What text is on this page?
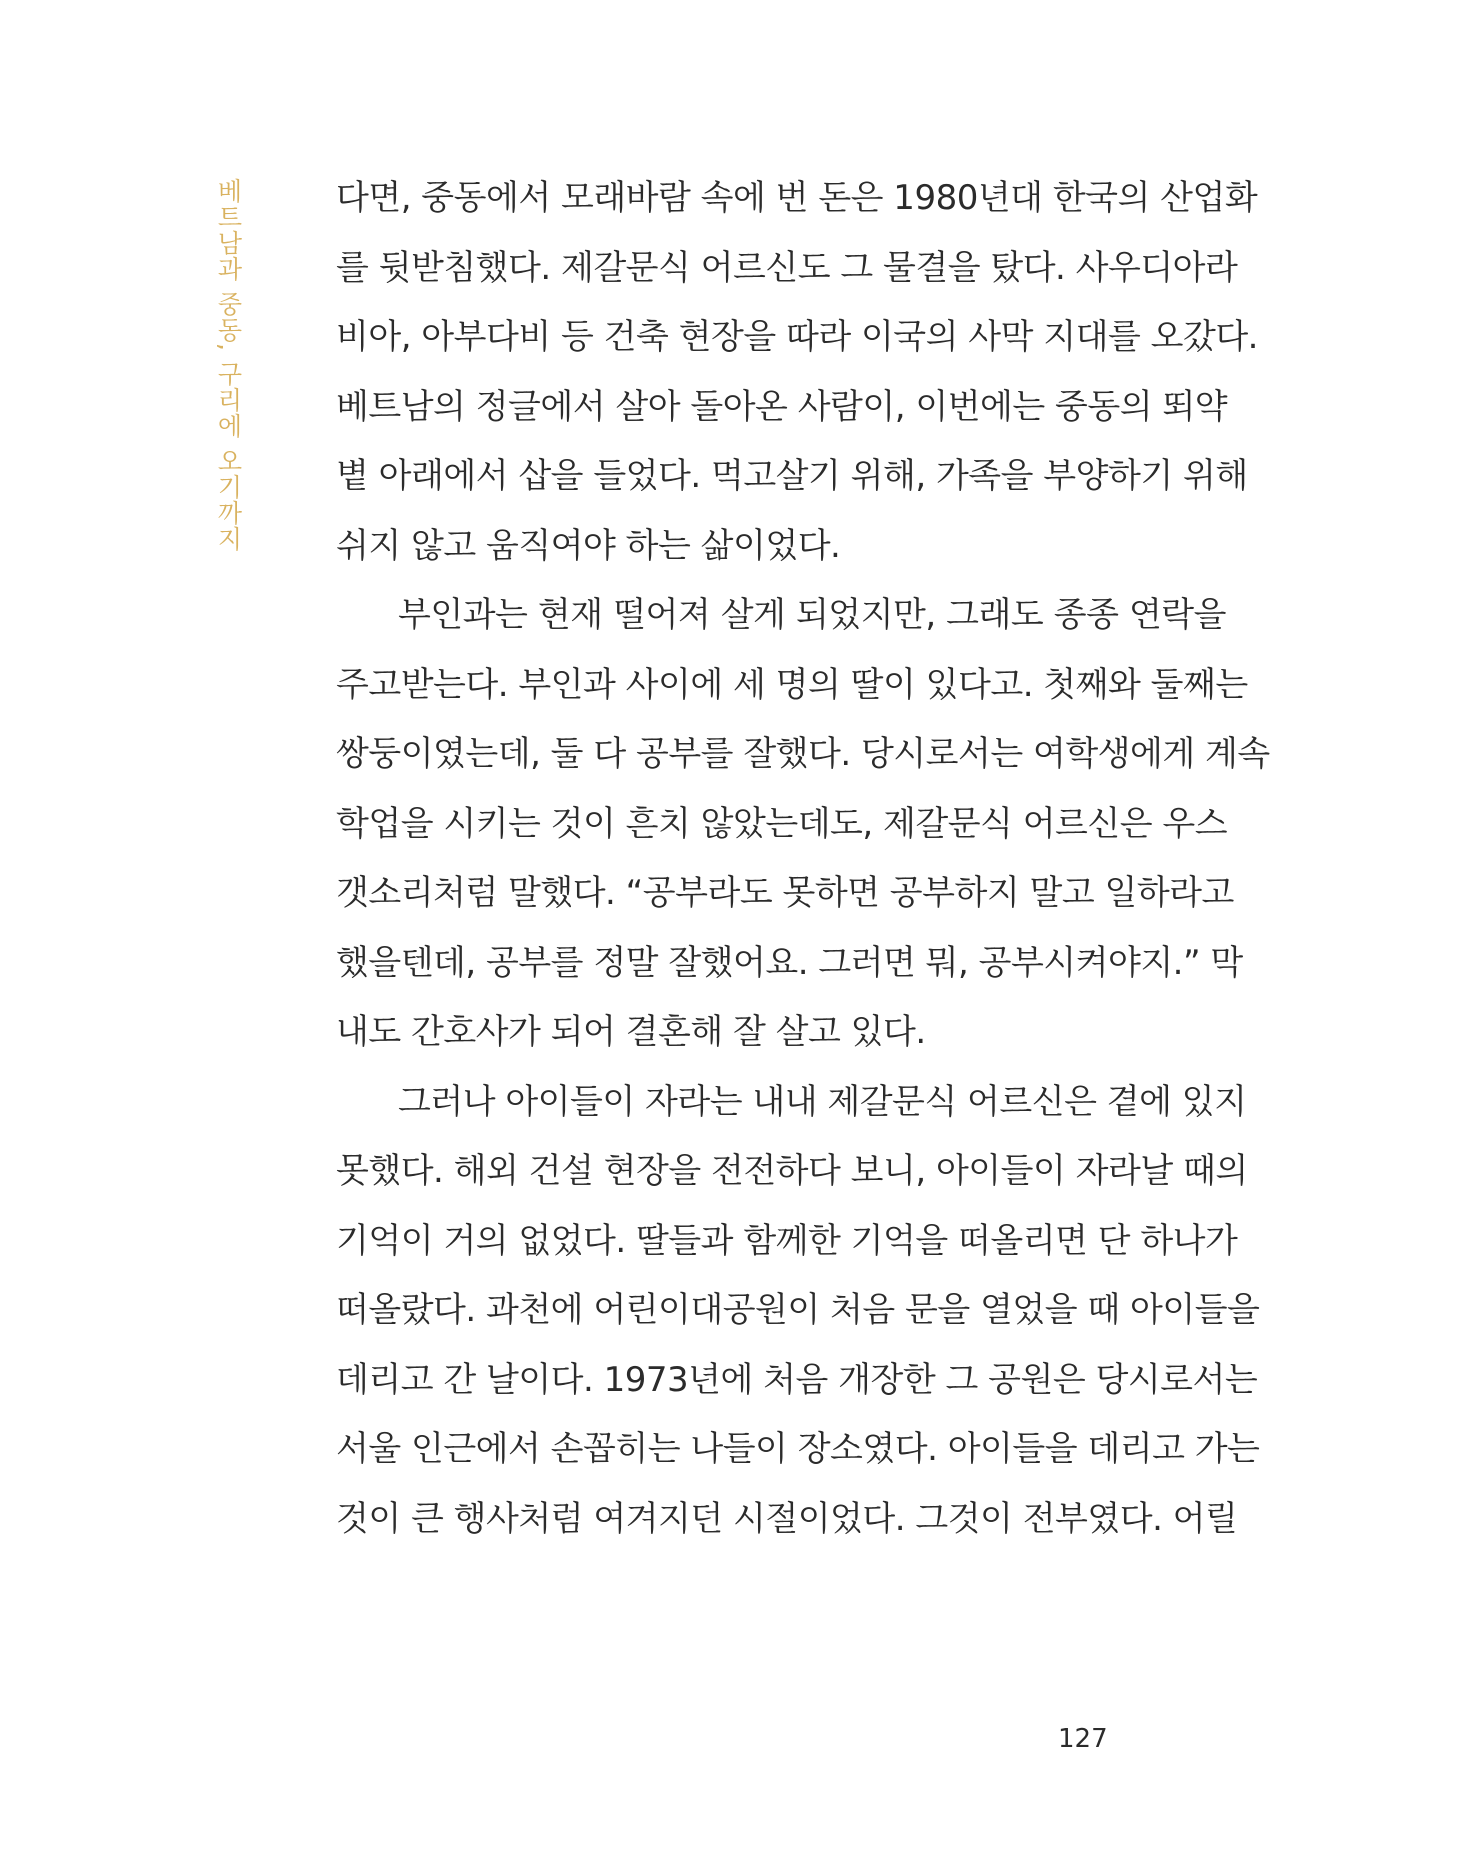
베트남과 중동, 구리에 오기까지	다면, 중동에서 모래바람 속에 번 돈은 1980년대 한국의 산업화
를 뒷받침했다. 제갈문식 어르신도 그 물결을 탔다. 사우디아라
비아, 아부다비 등 건축 현장을 따라 이국의 사막 지대를 오갔다.
베트남의 정글에서 살아 돌아온 사람이, 이번에는 중동의 뙤약
볕 아래에서 삽을 들었다. 먹고살기 위해, 가족을 부양하기 위해
쉬지 않고 움직여야 하는 삶이었다.
부인과는 현재 떨어져 살게 되었지만, 그래도 종종 연락을
주고받는다. 부인과 사이에 세 명의 딸이 있다고. 첫째와 둘째는
쌍둥이였는데, 둘 다 공부를 잘했다. 당시로서는 여학생에게 계속
학업을 시키는 것이 흔치 않았는데도, 제갈문식 어르신은 우스
갯소리처럼 말했다. “공부라도 못하면 공부하지 말고 일하라고
했을텐데, 공부를 정말 잘했어요. 그러면 뭐, 공부시켜야지.” 막
내도 간호사가 되어 결혼해 잘 살고 있다.
그러나 아이들이 자라는 내내 제갈문식 어르신은 곁에 있지
못했다. 해외 건설 현장을 전전하다 보니, 아이들이 자라날 때의
기억이 거의 없었다. 딸들과 함께한 기억을 떠올리면 단 하나가
떠올랐다. 과천에 어린이대공원이 처음 문을 열었을 때 아이들을
데리고 간 날이다. 1973년에 처음 개장한 그 공원은 당시로서는
서울 인근에서 손꼽히는 나들이 장소였다. 아이들을 데리고 가는
것이 큰 행사처럼 여겨지던 시절이었다. 그것이 전부였다. 어릴
127
